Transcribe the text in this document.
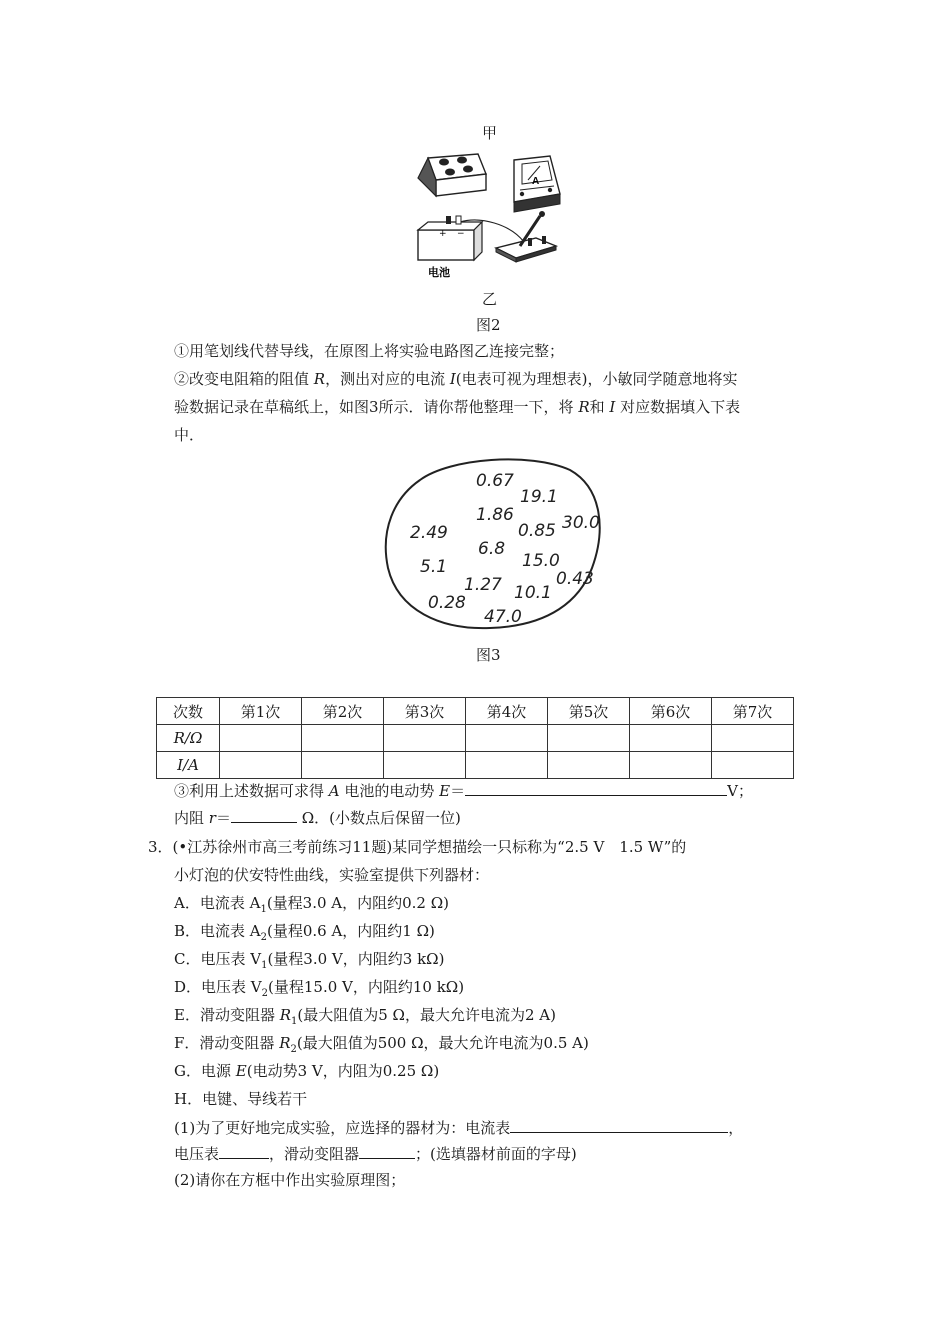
甲
A
+ −
电池
乙
图2
①用笔划线代替导线，在原图上将实验电路图乙连接完整；
②改变电阻箱的阻值 R，测出对应的电流 I(电表可视为理想表)，小敏同学随意地将实
验数据记录在草稿纸上，如图3所示．请你帮他整理一下，将 R和 I 对应数据填入下表
中．
0.67
19.1
1.86
0.85 30.0
2.49
6.8
15.0
5.1
1.27	0.43
10.1
0.28
47.0
图3
次数	第1次	第2次	第3次	第4次	第5次	第6次	第7次
R/Ω							
I/A							
③利用上述数据可求得 A 电池的电动势 E＝	V；
内阻 r＝	Ω．(小数点后保留一位)
3．(•江苏徐州市高三考前练习11题)某同学想描绘一只标称为“2.5 V　1.5 W”的
小灯泡的伏安特性曲线，实验室提供下列器材：
A．电流表 $A_1$(量程3.0 A，内阻约0.2 Ω)
B．电流表 $A_2$(量程0.6 A，内阻约1 Ω)
C．电压表 $V_1$(量程3.0 V，内阻约3 kΩ)
D．电压表 $V_2$(量程15.0 V，内阻约10 kΩ)
E．滑动变阻器 $R_1$(最大阻值为5 Ω，最大允许电流为2 A)
F．滑动变阻器 $R_2$(最大阻值为500 Ω，最大允许电流为0.5 A)
G．电源 E(电动势3 V，内阻为0.25 Ω)
H．电键、导线若干
(1)为了更好地完成实验，应选择的器材为：电流表	，
电压表	，滑动变阻器	；(选填器材前面的字母)
(2)请你在方框中作出实验原理图；
